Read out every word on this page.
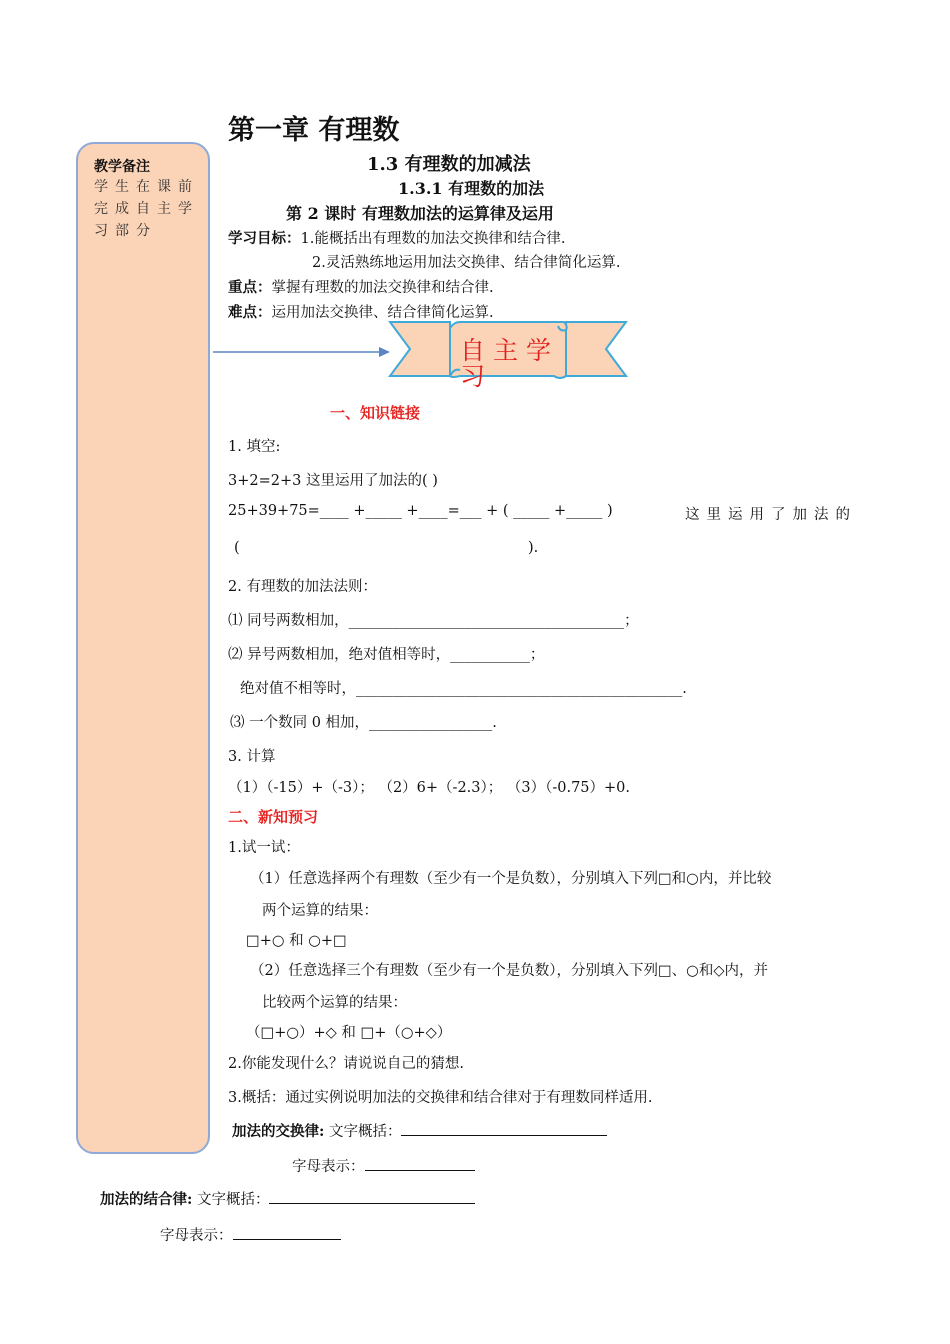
教学备注
学生在课前完成自主学习部分
自主学习
第一章 有理数
1.3 有理数的加减法
1.3.1 有理数的加法
第 2 课时 有理数加法的运算律及运用
学习目标：1.能概括出有理数的加法交换律和结合律.
2.灵活熟练地运用加法交换律、结合律简化运算.
重点：掌握有理数的加法交换律和结合律.
难点：运用加法交换律、结合律简化运算.
一、知识链接
1. 填空:
3+2=2+3 这里运用了加法的( )
25+39+75=____ +_____ +____=___ + ( _____ +_____ )	这里运用了加法的
(	).
2. 有理数的加法法则：
⑴ 同号两数相加，______________________________________；
⑵ 异号两数相加，绝对值相等时，___________；
绝对值不相等时，_____________________________________________.
⑶ 一个数同 0 相加，_________________.
3. 计算
（1）（-15）+（-3）； （2）6+（-2.3）； （3）（-0.75）+0.
二、新知预习
1.试一试：
（1）任意选择两个有理数（至少有一个是负数），分别填入下列□和○内，并比较
两个运算的结果：
□+○ 和 ○+□
（2）任意选择三个有理数（至少有一个是负数），分别填入下列□、○和◇内，并
比较两个运算的结果：
（□+○）+◇ 和 □+（○+◇）
2.你能发现什么？请说说自己的猜想.
3.概括：通过实例说明加法的交换律和结合律对于有理数同样适用.
加法的交换律: 文字概括：
字母表示：
加法的结合律: 文字概括：
字母表示：
